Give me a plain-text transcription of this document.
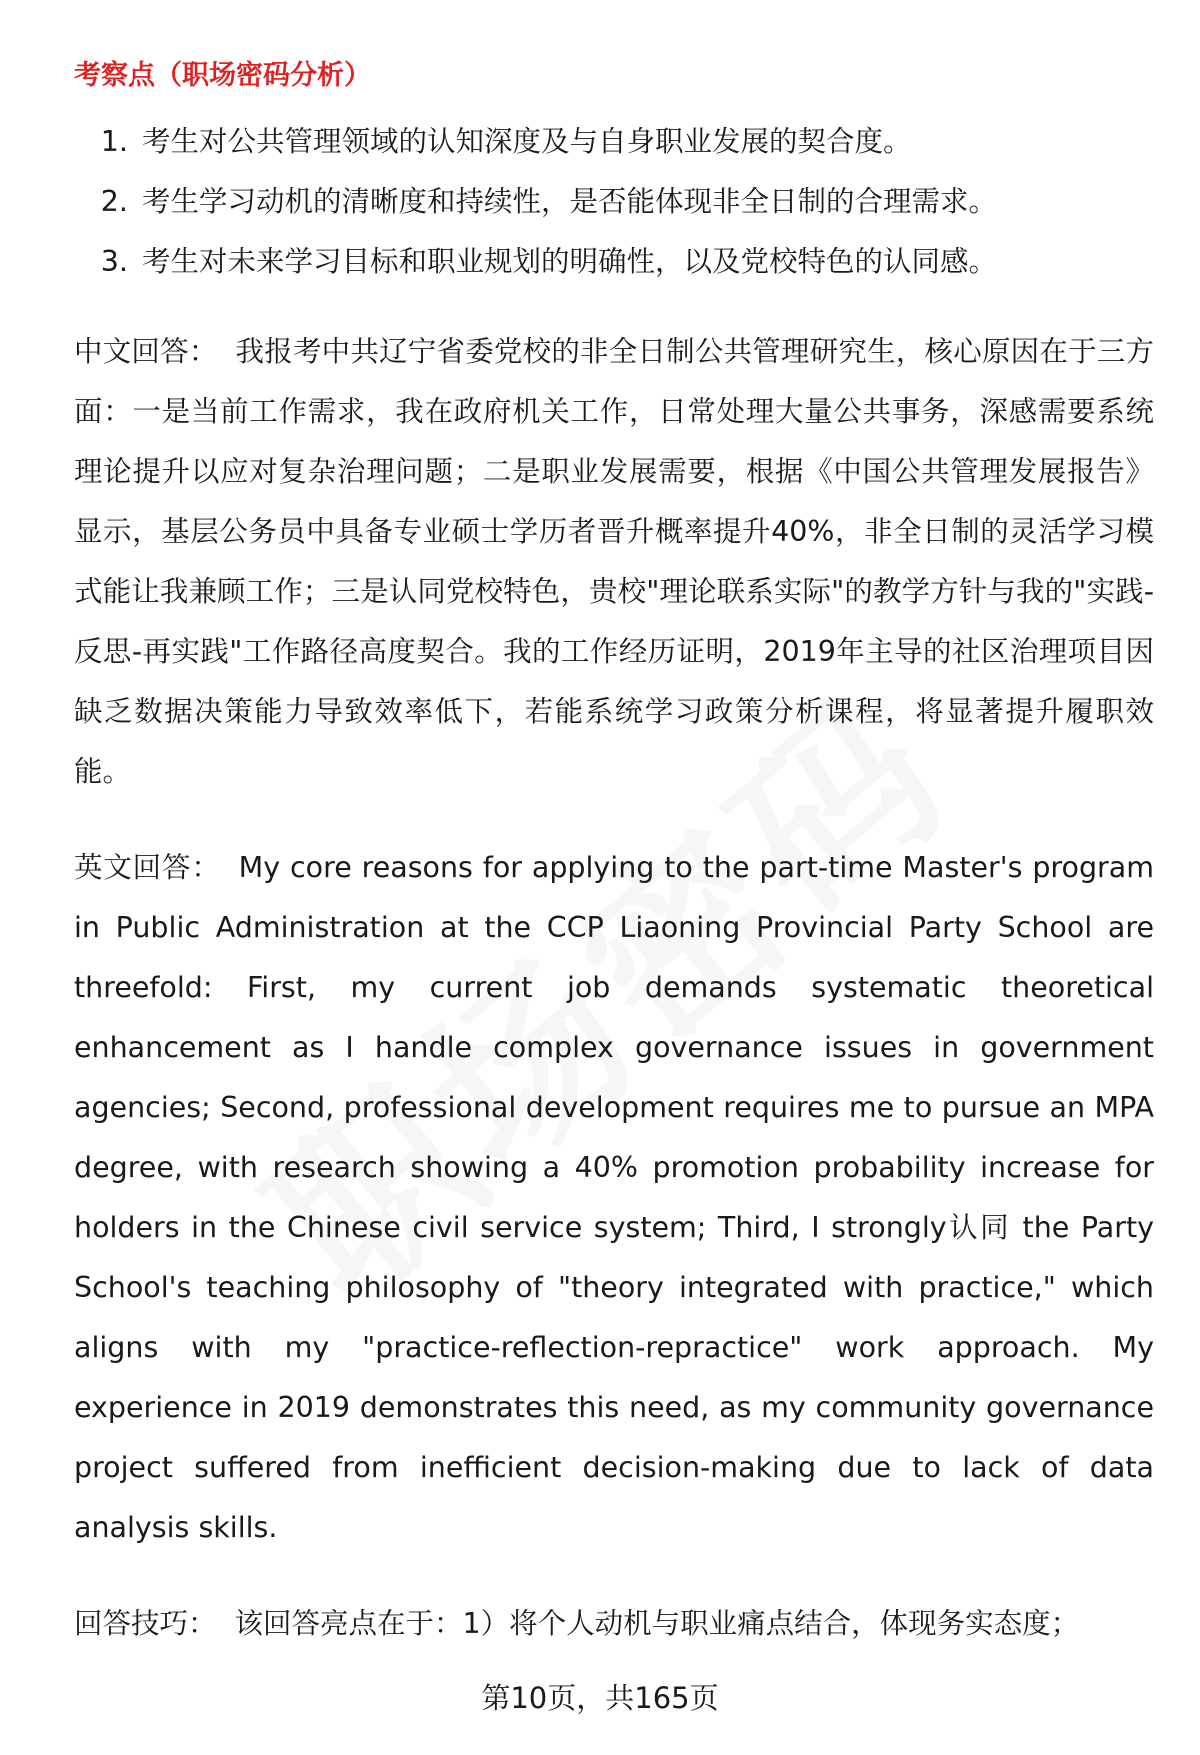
考察点（职场密码分析）
1. 考生对公共管理领域的认知深度及与自身职业发展的契合度。
2. 考生学习动机的清晰度和持续性，是否能体现非全日制的合理需求。
3. 考生对未来学习目标和职业规划的明确性，以及党校特色的认同感。

中文回答： 我报考中共辽宁省委党校的非全日制公共管理研究生，核心原因在于三方面：一是当前工作需求，我在政府机关工作，日常处理大量公共事务，深感需要系统理论提升以应对复杂治理问题；二是职业发展需要，根据《中国公共管理发展报告》显示，基层公务员中具备专业硕士学历者晋升概率提升40%，非全日制的灵活学习模式能让我兼顾工作；三是认同党校特色，贵校"理论联系实际"的教学方针与我的"实践-反思-再实践"工作路径高度契合。我的工作经历证明，2019年主导的社区治理项目因缺乏数据决策能力导致效率低下，若能系统学习政策分析课程，将显著提升履职效能。

英文回答： My core reasons for applying to the part-time Master's program in Public Administration at the CCP Liaoning Provincial Party School are threefold: First, my current job demands systematic theoretical enhancement as I handle complex governance issues in government agencies; Second, professional development requires me to pursue an MPA degree, with research showing a 40% promotion probability increase for holders in the Chinese civil service system; Third, I strongly认同 the Party School's teaching philosophy of "theory integrated with practice," which aligns with my "practice-reflection-repractice" work approach. My experience in 2019 demonstrates this need, as my community governance project suffered from inefficient decision-making due to lack of data analysis skills.

回答技巧： 该回答亮点在于：1）将个人动机与职业痛点结合，体现务实态度；

第10页，共165页
